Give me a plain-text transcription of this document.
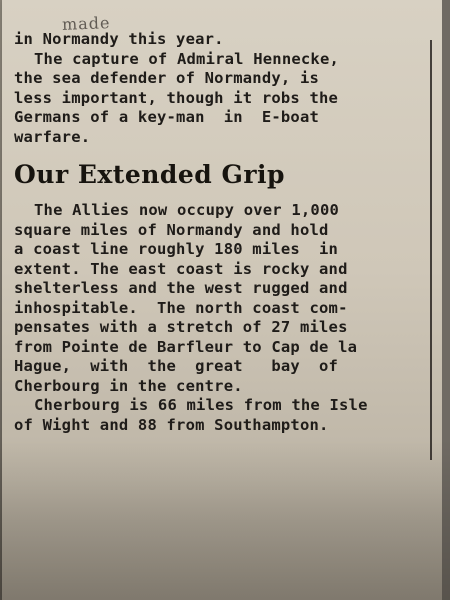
made
in Normandy this year.
The capture of Admiral Hennecke,
the sea defender of Normandy, is
less important, though it robs the
Germans of a key-man  in  E-boat
warfare.
Our Extended Grip
The Allies now occupy over 1,000
square miles of Normandy and hold
a coast line roughly 180 miles  in
extent. The east coast is rocky and
shelterless and the west rugged and
inhospitable.  The north coast com-
pensates with a stretch of 27 miles
from Pointe de Barfleur to Cap de la
Hague,  with  the  great   bay  of
Cherbourg in the centre.
Cherbourg is 66 miles from the Isle
of Wight and 88 from Southampton.
